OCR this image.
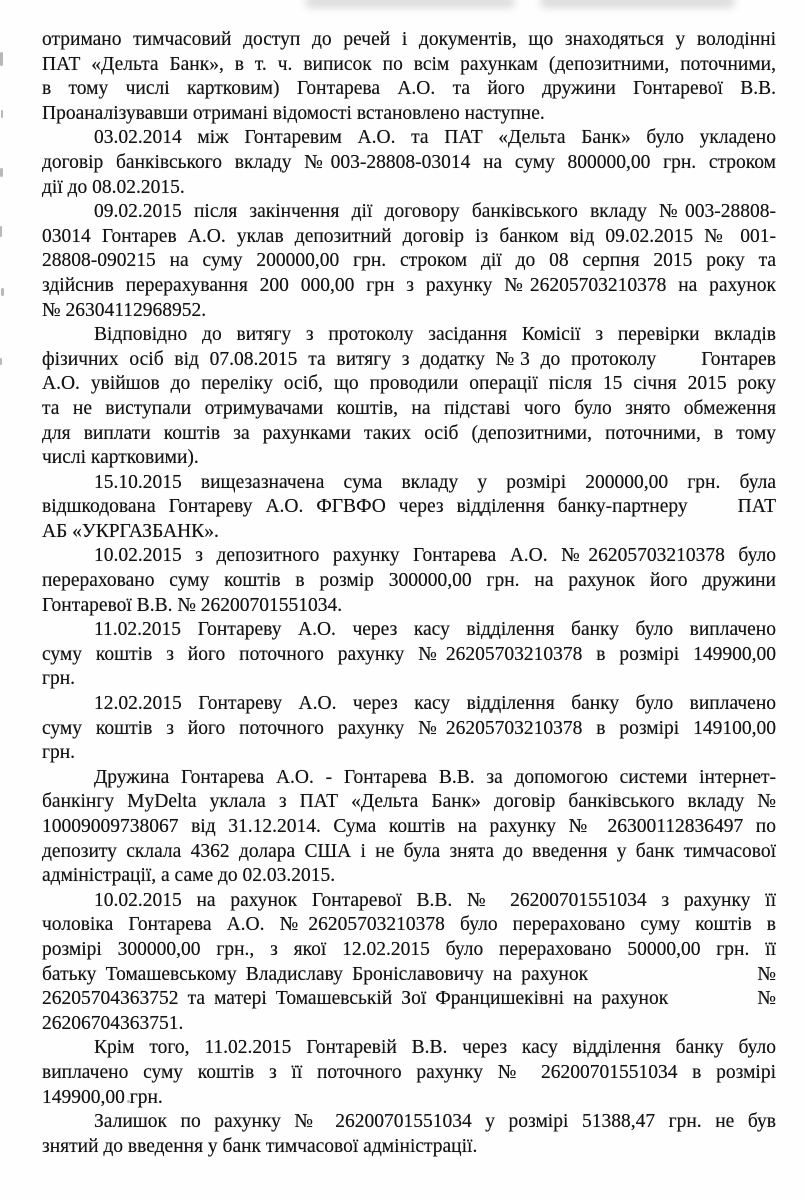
отримано тимчасовий доступ до речей і документів, що знаходяться у володінні
ПАТ «Дельта Банк», в т. ч. виписок по всім рахункам (депозитними, поточними,
в тому числі картковим) Гонтарева А.О. та його дружини Гонтаревої В.В.
Проаналізувавши отримані відомості встановлено наступне.
03.02.2014 між Гонтаревим А.О. та ПАТ «Дельта Банк» було укладено
договір банківського вкладу №003-28808-03014 на суму 800000,00 грн. строком
дії до 08.02.2015.
09.02.2015 після закінчення дії договору банківського вкладу №003-28808-
03014 Гонтарев А.О. уклав депозитний договір із банком від 09.02.2015 № 001-
28808-090215 на суму 200000,00 грн. строком дії до 08 серпня 2015 року та
здійснив перерахування 200 000,00 грн з рахунку №26205703210378 на рахунок
№ 26304112968952.
Відповідно до витягу з протоколу засідання Комісії з перевірки вкладів
фізичних осіб від 07.08.2015 та витягу з додатку №3 до протоколу Гонтарев
А.О. увійшов до переліку осіб, що проводили операції після 15 січня 2015 року
та не виступали отримувачами коштів, на підставі чого було знято обмеження
для виплати коштів за рахунками таких осіб (депозитними, поточними, в тому
числі картковими).
15.10.2015 вищезазначена сума вкладу у розмірі 200000,00 грн. була
відшкодована Гонтареву А.О. ФГВФО через відділення банку-партнеру	ПАТ
АБ «УКРГАЗБАНК».
10.02.2015 з депозитного рахунку Гонтарева А.О. №26205703210378 було
перераховано суму коштів в розмір 300000,00 грн. на рахунок його дружини
Гонтаревої В.В. № 26200701551034.
11.02.2015 Гонтареву А.О. через касу відділення банку було виплачено
суму коштів з його поточного рахунку №26205703210378 в розмірі 149900,00
грн.
12.02.2015 Гонтареву А.О. через касу відділення банку було виплачено
суму коштів з його поточного рахунку №26205703210378 в розмірі 149100,00
грн.
Дружина Гонтарева А.О. - Гонтарева В.В. за допомогою системи інтернет-
банкінгу MyDelta уклала з ПАТ «Дельта Банк» договір банківського вкладу №
10009009738067 від 31.12.2014. Сума коштів на рахунку № 26300112836497 по
депозиту склала 4362 долара США і не була знята до введення у банк тимчасової
адміністрації, а саме до 02.03.2015.
10.02.2015 на рахунок Гонтаревої В.В. № 26200701551034 з рахунку її
чоловіка Гонтарева А.О. №26205703210378 було перераховано суму коштів в
розмірі 300000,00 грн., з якої 12.02.2015 було перераховано 50000,00 грн. її
батьку Томашевському Владиславу Броніславовичу на рахунок	№
26205704363752 та матері Томашевській Зої Францишеківні на рахунок	№
26206704363751.
Крім того, 11.02.2015 Гонтаревій В.В. через касу відділення банку було
виплачено суму коштів з її поточного рахунку № 26200701551034 в розмірі
149900,00 грн.
Залишок по рахунку № 26200701551034 у розмірі 51388,47 грн. не був
знятий до введення у банк тимчасової адміністрації.
